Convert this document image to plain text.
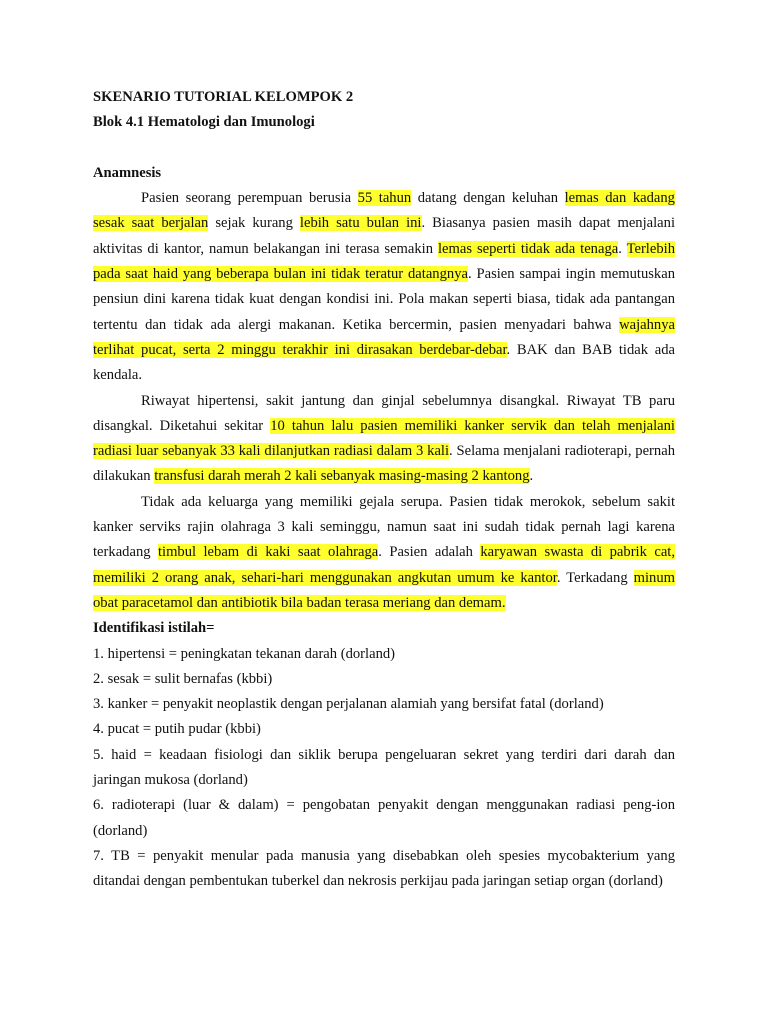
SKENARIO TUTORIAL KELOMPOK 2
Blok 4.1 Hematologi dan Imunologi
Anamnesis

Pasien seorang perempuan berusia 55 tahun datang dengan keluhan lemas dan kadang sesak saat berjalan sejak kurang lebih satu bulan ini. Biasanya pasien masih dapat menjalani aktivitas di kantor, namun belakangan ini terasa semakin lemas seperti tidak ada tenaga. Terlebih pada saat haid yang beberapa bulan ini tidak teratur datangnya. Pasien sampai ingin memutuskan pensiun dini karena tidak kuat dengan kondisi ini. Pola makan seperti biasa, tidak ada pantangan tertentu dan tidak ada alergi makanan. Ketika bercermin, pasien menyadari bahwa wajahnya terlihat pucat, serta 2 minggu terakhir ini dirasakan berdebar-debar. BAK dan BAB tidak ada kendala.

Riwayat hipertensi, sakit jantung dan ginjal sebelumnya disangkal. Riwayat TB paru disangkal. Diketahui sekitar 10 tahun lalu pasien memiliki kanker servik dan telah menjalani radiasi luar sebanyak 33 kali dilanjutkan radiasi dalam 3 kali. Selama menjalani radioterapi, pernah dilakukan transfusi darah merah 2 kali sebanyak masing-masing 2 kantong.

Tidak ada keluarga yang memiliki gejala serupa. Pasien tidak merokok, sebelum sakit kanker serviks rajin olahraga 3 kali seminggu, namun saat ini sudah tidak pernah lagi karena terkadang timbul lebam di kaki saat olahraga. Pasien adalah karyawan swasta di pabrik cat, memiliki 2 orang anak, sehari-hari menggunakan angkutan umum ke kantor. Terkadang minum obat paracetamol dan antibiotik bila badan terasa meriang dan demam.

Identifikasi istilah=
1. hipertensi = peningkatan tekanan darah (dorland)
2. sesak = sulit bernafas (kbbi)
3. kanker = penyakit neoplastik dengan perjalanan alamiah yang bersifat fatal (dorland)
4. pucat = putih pudar (kbbi)
5. haid = keadaan fisiologi dan siklik berupa pengeluaran sekret yang terdiri dari darah dan jaringan mukosa (dorland)
6. radioterapi (luar & dalam) = pengobatan penyakit dengan menggunakan radiasi peng-ion (dorland)
7. TB = penyakit menular pada manusia yang disebabkan oleh spesies mycobakterium yang ditandai dengan pembentukan tuberkel dan nekrosis perkijau pada jaringan setiap organ (dorland)
